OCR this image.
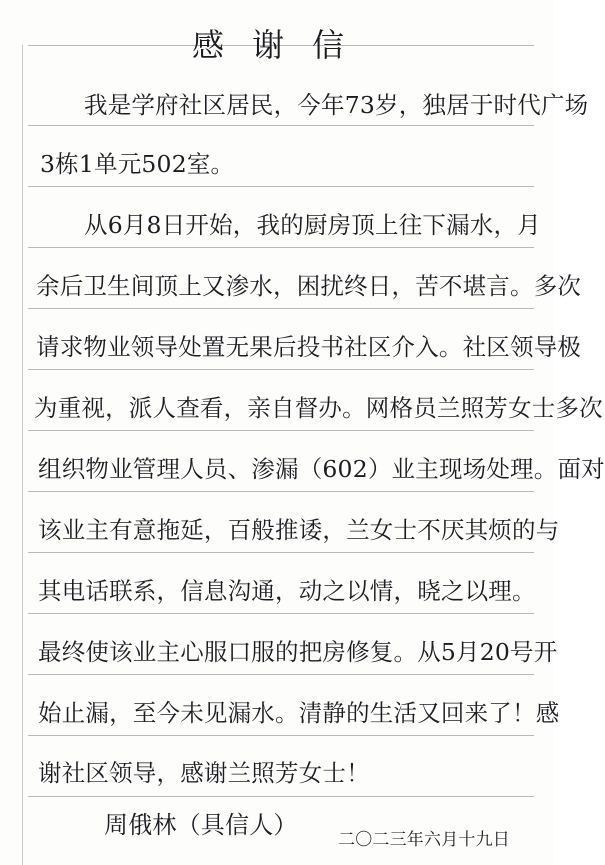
感谢信
我是学府社区居民，今年73岁，独居于时代广场
3栋1单元502室。
从6月8日开始，我的厨房顶上往下漏水，月
余后卫生间顶上又渗水，困扰终日，苦不堪言。多次
请求物业领导处置无果后投书社区介入。社区领导极
为重视，派人查看，亲自督办。网格员兰照芳女士多次
组织物业管理人员、渗漏（602）业主现场处理。面对
该业主有意拖延，百般推诿，兰女士不厌其烦的与
其电话联系，信息沟通，动之以情，晓之以理。
最终使该业主心服口服的把房修复。从5月20号开
始止漏，至今未见漏水。清静的生活又回来了！感
谢社区领导，感谢兰照芳女士！
周俄林（具信人）
二〇二三年六月十九日
